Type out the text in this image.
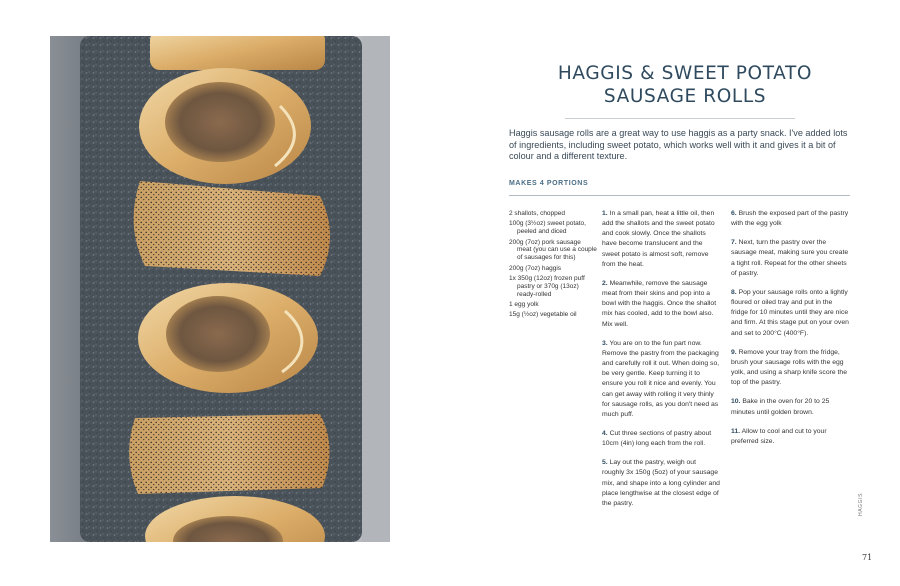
HAGGIS & SWEET POTATO
SAUSAGE ROLLS

Haggis sausage rolls are a great way to use haggis as a party snack. I've added lots of ingredients, including sweet potato, which works well with it and gives it a bit of colour and a different texture.

MAKES 4 PORTIONS
2 shallots, chopped
100g (3½oz) sweet potato, peeled and diced
200g (7oz) pork sausage meat (you can use a couple of sausages for this)
200g (7oz) haggis
1x 350g (12oz) frozen puff pastry or 370g (13oz) ready-rolled
1 egg yolk
15g (½oz) vegetable oil

1. In a small pan, heat a little oil, then add the shallots and the sweet potato and cook slowly. Once the shallots have become translucent and the sweet potato is almost soft, remove from the heat.

2. Meanwhile, remove the sausage meat from their skins and pop into a bowl with the haggis. Once the shallot mix has cooled, add to the bowl also. Mix well.

3. You are on to the fun part now. Remove the pastry from the packaging and carefully roll it out. When doing so, be very gentle. Keep turning it to ensure you roll it nice and evenly. You can get away with rolling it very thinly for sausage rolls, as you don't need as much puff.

4. Cut three sections of pastry about 10cm (4in) long each from the roll.

5. Lay out the pastry, weigh out roughly 3x 150g (5oz) of your sausage mix, and shape into a long cylinder and place lengthwise at the closest edge of the pastry.

6. Brush the exposed part of the pastry with the egg yolk

7. Next, turn the pastry over the sausage meat, making sure you create a tight roll. Repeat for the other sheets of pastry.

8. Pop your sausage rolls onto a lightly floured or oiled tray and put in the fridge for 10 minutes until they are nice and firm. At this stage put on your oven and set to 200°C (400°F).

9. Remove your tray from the fridge, brush your sausage rolls with the egg yolk, and using a sharp knife score the top of the pastry.

10. Bake in the oven for 20 to 25 minutes until golden brown.

11. Allow to cool and cut to your preferred size.

HAGGIS
71
